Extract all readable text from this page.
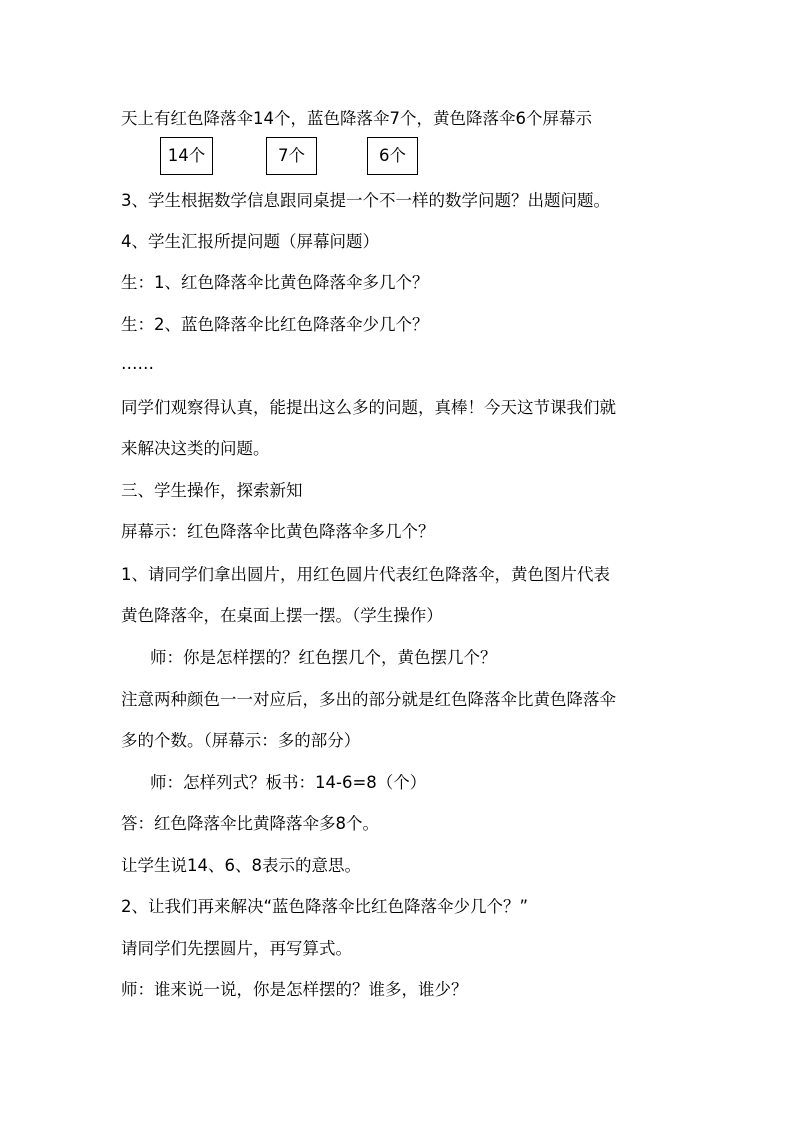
天上有红色降落伞14个，蓝色降落伞7个，黄色降落伞6个屏幕示
14个	7个	6个
3、学生根据数学信息跟同桌提一个不一样的数学问题？出题问题。
4、学生汇报所提问题（屏幕问题）
生：1、红色降落伞比黄色降落伞多几个？
生：2、蓝色降落伞比红色降落伞少几个？
……
同学们观察得认真，能提出这么多的问题，真棒！今天这节课我们就
来解决这类的问题。
三、学生操作，探索新知
屏幕示：红色降落伞比黄色降落伞多几个？
1、请同学们拿出圆片，用红色圆片代表红色降落伞，黄色图片代表
黄色降落伞，在桌面上摆一摆。（学生操作）
师：你是怎样摆的？红色摆几个，黄色摆几个？
注意两种颜色一一对应后，多出的部分就是红色降落伞比黄色降落伞
多的个数。（屏幕示：多的部分）
师：怎样列式？板书：14-6=8（个）
答：红色降落伞比黄降落伞多8个。
让学生说14、6、8表示的意思。
2、让我们再来解决“蓝色降落伞比红色降落伞少几个？”
请同学们先摆圆片，再写算式。
师：谁来说一说，你是怎样摆的？谁多，谁少？
